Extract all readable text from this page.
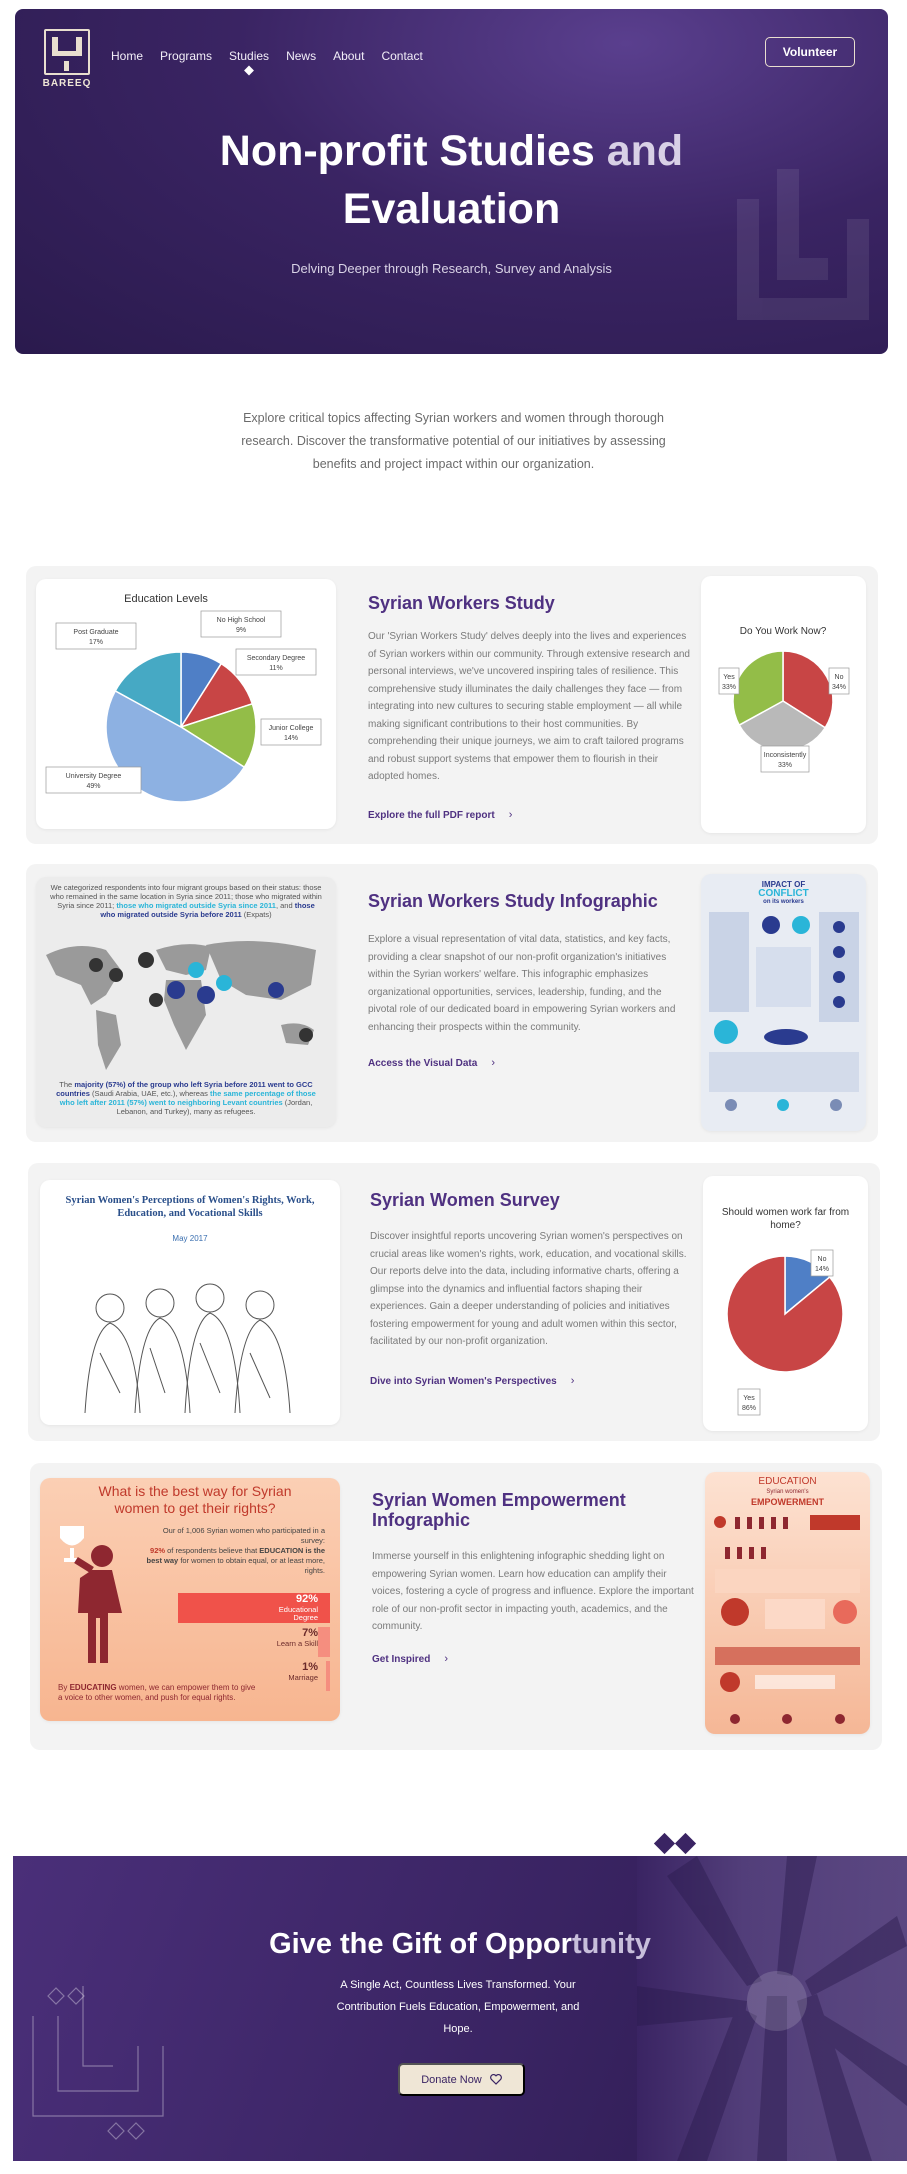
BAREEQ
Home Programs Studies News About Contact	Volunteer
Non-profit Studies and
Evaluation
Delving Deeper through Research, Survey and Analysis
Explore critical topics affecting Syrian workers and women through thorough research. Discover the transformative potential of our initiatives by assessing benefits and project impact within our organization.
Education Levels
No High School
9%
Secondary Degree
11%
Junior College
14%
University Degree
49%
Post Graduate
17%
Syrian Workers Study

Our 'Syrian Workers Study' delves deeply into the lives and experiences of Syrian workers within our community. Through extensive research and personal interviews, we've uncovered inspiring tales of resilience. This comprehensive study illuminates the daily challenges they face — from integrating into new cultures to securing stable employment — all while making significant contributions to their host communities. By comprehending their unique journeys, we aim to craft tailored programs and robust support systems that empower them to flourish in their adopted homes.

Explore the full PDF report ›
Do You Work Now?
No
34%
Inconsistently
33%
Yes
33%
We categorized respondents into four migrant groups based on their status: those who remained in the same location in Syria since 2011; those who migrated within Syria since 2011; those who migrated outside Syria since 2011, and those who migrated outside Syria before 2011 (Expats)
The majority (57%) of the group who left Syria before 2011 went to GCC countries (Saudi Arabia, UAE, etc.), whereas the same percentage of those who left after 2011 (57%) went to neighboring Levant countries (Jordan, Lebanon, and Turkey), many as refugees.
Syrian Workers Study Infographic

Explore a visual representation of vital data, statistics, and key facts, providing a clear snapshot of our non-profit organization's initiatives within the Syrian workers' welfare. This infographic emphasizes organizational opportunities, services, leadership, funding, and the pivotal role of our dedicated board in empowering Syrian workers and enhancing their prospects within the community.

Access the Visual Data ›
IMPACT OF
CONFLICT
on its workers
Syrian Women's Perceptions of Women's Rights, Work, Education, and Vocational Skills
May 2017
Syrian Women Survey

Discover insightful reports uncovering Syrian women's perspectives on crucial areas like women's rights, work, education, and vocational skills. Our reports delve into the data, including informative charts, offering a glimpse into the dynamics and influential factors shaping their experiences. Gain a deeper understanding of policies and initiatives fostering empowerment for young and adult women within this sector, facilitated by our non-profit organization.

Dive into Syrian Women's Perspectives ›
Should women work far from home?
No
14%
Yes
86%
What is the best way for Syrian women to get their rights?
Our of 1,006 Syrian women who participated in a survey:
92% of respondents believe that EDUCATION is the best way for women to obtain equal, or at least more, rights.
92%
Educational Degree
7%
Learn a Skill
1%
Marriage
By EDUCATING women, we can empower them to give a voice to other women, and push for equal rights.
Syrian Women Empowerment Infographic

Immerse yourself in this enlightening infographic shedding light on empowering Syrian women. Learn how education can amplify their voices, fostering a cycle of progress and influence. Explore the important role of our non-profit sector in impacting youth, academics, and the community.

Get Inspired ›
EDUCATION
Syrian women's
EMPOWERMENT
Give the Gift of Opportunity
A Single Act, Countless Lives Transformed. Your Contribution Fuels Education, Empowerment, and Hope.
Donate Now
